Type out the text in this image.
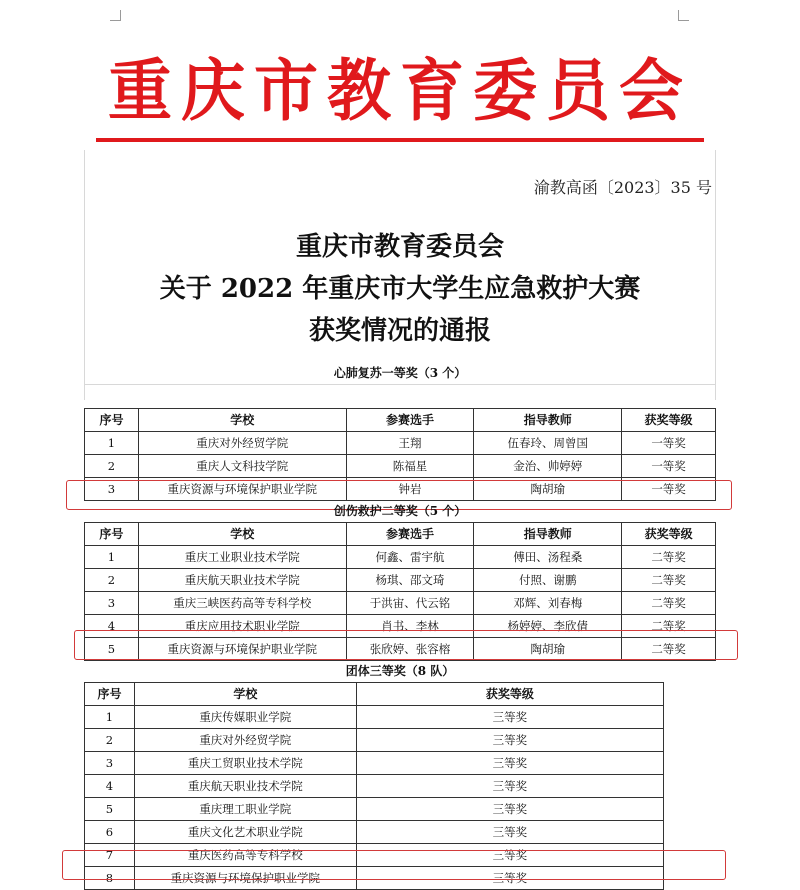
重庆市教育委员会
渝教高函〔2023〕35 号
重庆市教育委员会
关于 2022 年重庆市大学生应急救护大赛
获奖情况的通报
心肺复苏一等奖（3 个）
序号	学校	参赛选手	指导教师	获奖等级
1	重庆对外经贸学院	王翔	伍春玲、周曾国	一等奖
2	重庆人文科技学院	陈福星	金治、帅婷婷	一等奖
3	重庆资源与环境保护职业学院	钟岩	陶胡瑜	一等奖
创伤救护二等奖（5 个）
序号	学校	参赛选手	指导教师	获奖等级
1	重庆工业职业技术学院	何鑫、雷宇航	傅田、汤程桑	二等奖
2	重庆航天职业技术学院	杨琪、邵文琦	付照、谢鹏	二等奖
3	重庆三峡医药高等专科学校	于洪宙、代云铭	邓辉、刘春梅	二等奖
4	重庆应用技术职业学院	肖书、李林	杨婷婷、李欣倩	二等奖
5	重庆资源与环境保护职业学院	张欣婷、张容榕	陶胡瑜	二等奖
团体三等奖（8 队）
序号	学校	获奖等级
1	重庆传媒职业学院	三等奖
2	重庆对外经贸学院	三等奖
3	重庆工贸职业技术学院	三等奖
4	重庆航天职业技术学院	三等奖
5	重庆理工职业学院	三等奖
6	重庆文化艺术职业学院	三等奖
7	重庆医药高等专科学校	三等奖
8	重庆资源与环境保护职业学院	三等奖
